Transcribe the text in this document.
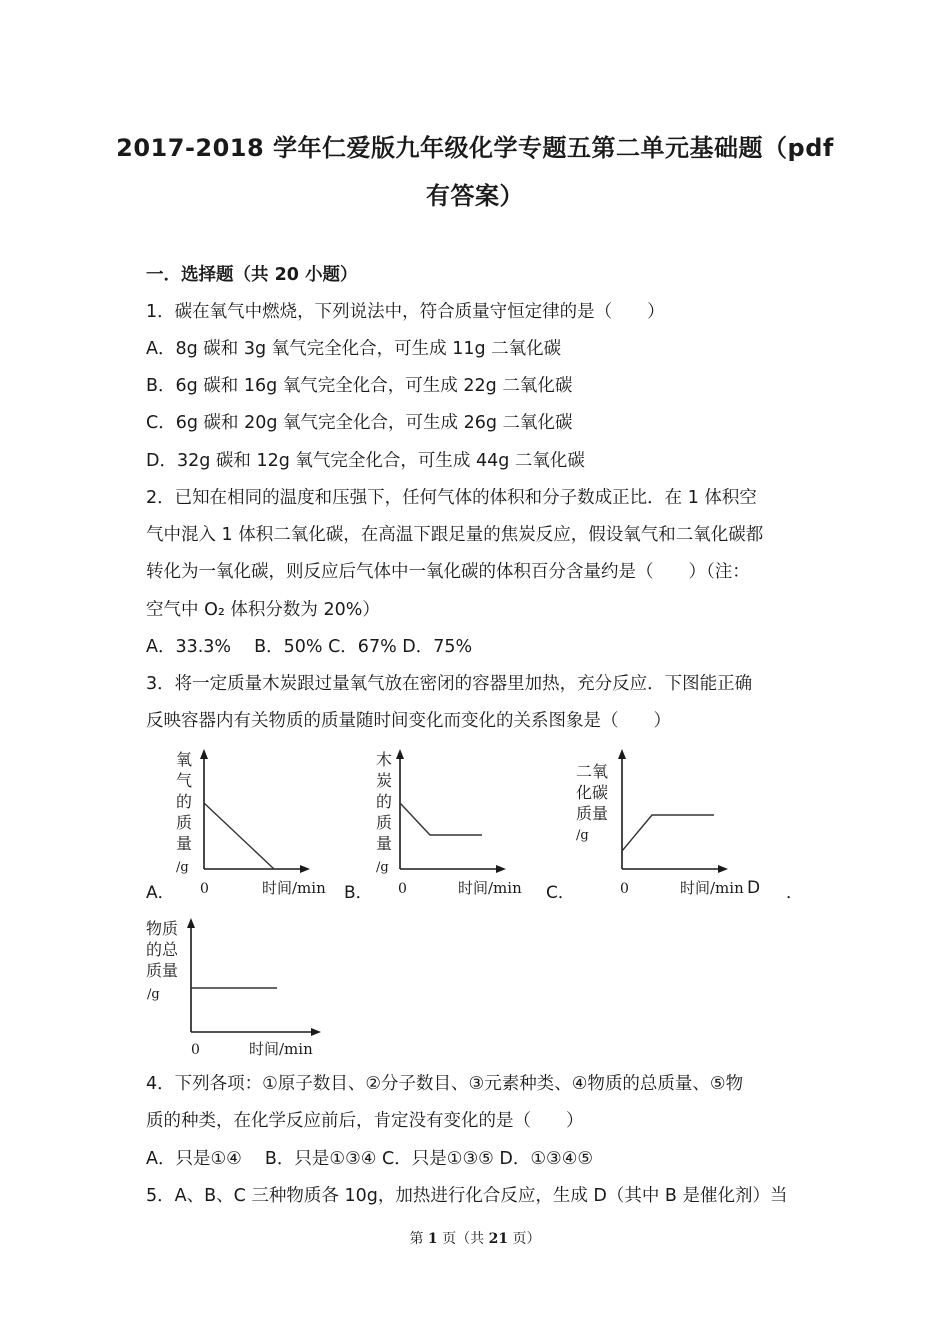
2017-2018 学年仁爱版九年级化学专题五第二单元基础题（pdf
有答案）
一．选择题（共 20 小题）
1．碳在氧气中燃烧，下列说法中，符合质量守恒定律的是（　　）
A．8g 碳和 3g 氧气完全化合，可生成 11g 二氧化碳
B．6g 碳和 16g 氧气完全化合，可生成 22g 二氧化碳
C．6g 碳和 20g 氧气完全化合，可生成 26g 二氧化碳
D．32g 碳和 12g 氧气完全化合，可生成 44g 二氧化碳
2．已知在相同的温度和压强下，任何气体的体积和分子数成正比．在 1 体积空
气中混入 1 体积二氧化碳，在高温下跟足量的焦炭反应，假设氧气和二氧化碳都
转化为一氧化碳，则反应后气体中一氧化碳的体积百分含量约是（　　）（注：
空气中 O₂ 体积分数为 20%）
A．33.3%　 B．50% C．67% D．75%
3．将一定质量木炭跟过量氧气放在密闭的容器里加热，充分反应．下图能正确
反映容器内有关物质的质量随时间变化而变化的关系图象是（　　）
A．	B．	C．	D ．
氧气的质量
/g
0	时间/min
木炭的质量
/g
0	时间/min
二氧化碳质量
/g
0	时间/min
物质的总质量
/g
0	时间/min
4．下列各项：①原子数目、②分子数目、③元素种类、④物质的总质量、⑤物
质的种类，在化学反应前后，肯定没有变化的是（　　）
A．只是①④　 B．只是①③④ C．只是①③⑤ D．①③④⑤
5．A、B、C 三种物质各 10g，加热进行化合反应，生成 D（其中 B 是催化剂）当
第 1 页（共 21 页）
